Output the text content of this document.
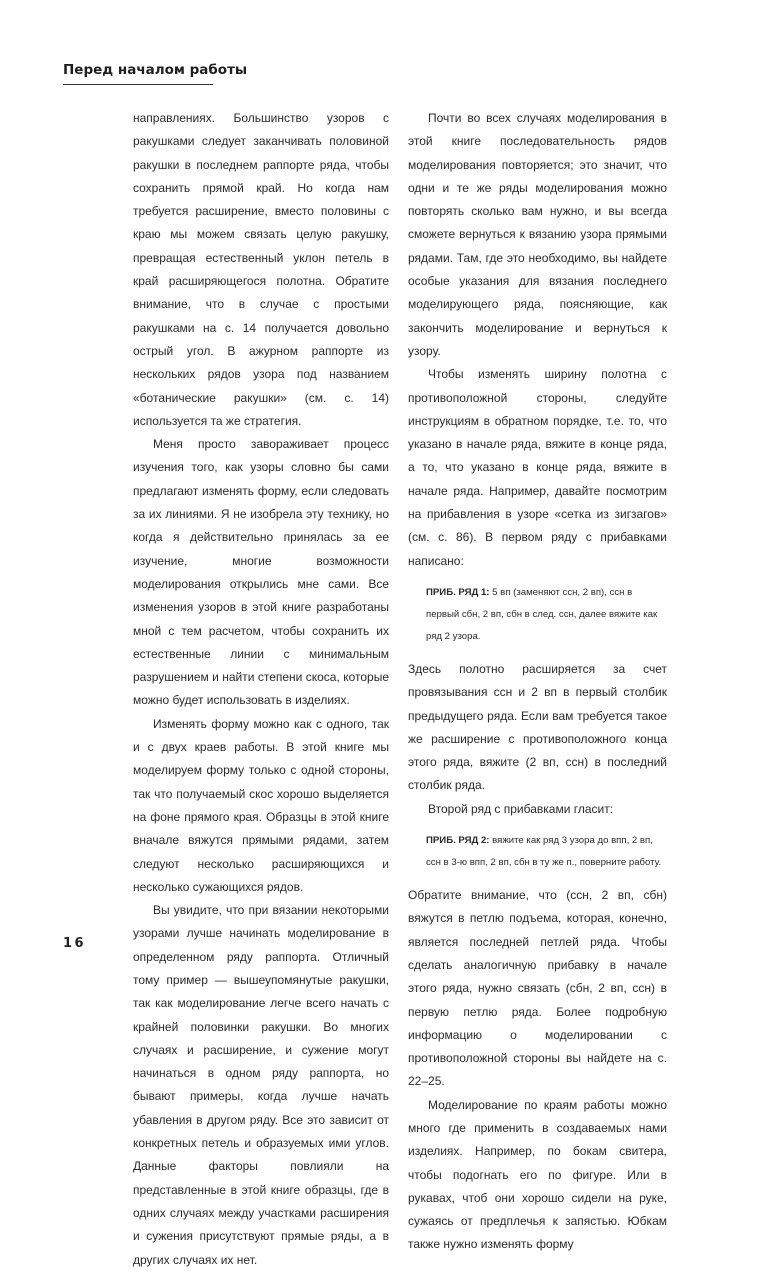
Перед началом работы

направлениях. Большинство узоров с ракушками следует заканчивать половиной ракушки в последнем раппорте ряда, чтобы сохранить прямой край. Но когда нам требуется расширение, вместо половины с краю мы можем связать целую ракушку, превращая естественный уклон петель в край расширяющегося полотна. Обратите внимание, что в случае с простыми ракушками на с. 14 получается довольно острый угол. В ажурном раппорте из нескольких рядов узора под названием «ботанические ракушки» (см. с. 14) используется та же стратегия.

Меня просто завораживает процесс изучения того, как узоры словно бы сами предлагают изменять форму, если следовать за их линиями. Я не изобрела эту технику, но когда я действительно принялась за ее изучение, многие возможности моделирования открылись мне сами. Все изменения узоров в этой книге разработаны мной с тем расчетом, чтобы сохранить их естественные линии с минимальным разрушением и найти степени скоса, которые можно будет использовать в изделиях.

Изменять форму можно как с одного, так и с двух краев работы. В этой книге мы моделируем форму только с одной стороны, так что получаемый скос хорошо выделяется на фоне прямого края. Образцы в этой книге вначале вяжутся прямыми рядами, затем следуют несколько расширяющихся и несколько сужающихся рядов.

Вы увидите, что при вязании некоторыми узорами лучше начинать моделирование в определенном ряду раппорта. Отличный тому пример — вышеупомянутые ракушки, так как моделирование легче всего начать с крайней половинки ракушки. Во многих случаях и расширение, и сужение могут начинаться в одном ряду раппорта, но бывают примеры, когда лучше начать убавления в другом ряду. Все это зависит от конкретных петель и образуемых ими углов. Данные факторы повлияли на представленные в этой книге образцы, где в одних случаях между участками расширения и сужения присутствуют прямые ряды, а в других случаях их нет.

Почти во всех случаях моделирования в этой книге последовательность рядов моделирования повторяется; это значит, что одни и те же ряды моделирования можно повторять сколько вам нужно, и вы всегда сможете вернуться к вязанию узора прямыми рядами. Там, где это необходимо, вы найдете особые указания для вязания последнего моделирующего ряда, поясняющие, как закончить моделирование и вернуться к узору.

Чтобы изменять ширину полотна с противоположной стороны, следуйте инструкциям в обратном порядке, т.е. то, что указано в начале ряда, вяжите в конце ряда, а то, что указано в конце ряда, вяжите в начале ряда. Например, давайте посмотрим на прибавления в узоре «сетка из зигзагов» (см. с. 86). В первом ряду с прибавками написано:

ПРИБ. РЯД 1: 5 вп (заменяют ссн, 2 вп), ссн в первый сбн, 2 вп, сбн в след. ссн, далее вяжите как ряд 2 узора.

Здесь полотно расширяется за счет провязывания ссн и 2 вп в первый столбик предыдущего ряда. Если вам требуется такое же расширение с противоположного конца этого ряда, вяжите (2 вп, ссн) в последний столбик ряда.

Второй ряд с прибавками гласит:

ПРИБ. РЯД 2: вяжите как ряд 3 узора до впп, 2 вп, ссн в 3-ю впп, 2 вп, сбн в ту же п., поверните работу.

Обратите внимание, что (ссн, 2 вп, сбн) вяжутся в петлю подъема, которая, конечно, является последней петлей ряда. Чтобы сделать аналогичную прибавку в начале этого ряда, нужно связать (сбн, 2 вп, ссн) в первую петлю ряда. Более подробную информацию о моделировании с противоположной стороны вы найдете на с. 22–25.

Моделирование по краям работы можно много где применить в создаваемых нами изделиях. Например, по бокам свитера, чтобы подогнать его по фигуре. Или в рукавах, чтоб они хорошо сидели на руке, сужаясь от предплечья к запястью. Юбкам также нужно изменять форму

16
